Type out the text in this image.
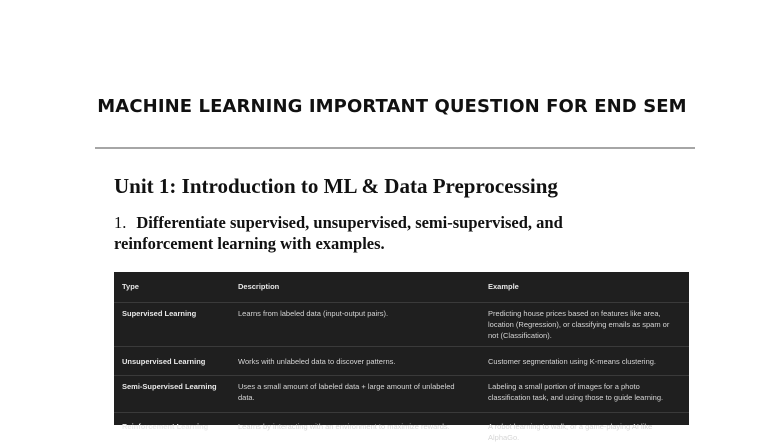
MACHINE LEARNING IMPORTANT QUESTION FOR END SEM
Unit 1: Introduction to ML & Data Preprocessing
1. Differentiate supervised, unsupervised, semi-supervised, and reinforcement learning with examples.
Type	Description	Example
Supervised Learning	Learns from labeled data (input-output pairs).	Predicting house prices based on features like area, location (Regression), or classifying emails as spam or not (Classification).
Unsupervised Learning	Works with unlabeled data to discover patterns.	Customer segmentation using K-means clustering.
Semi-Supervised Learning	Uses a small amount of labeled data + large amount of unlabeled data.	Labeling a small portion of images for a photo classification task, and using those to guide learning.
Reinforcement Learning	Learns by interacting with an environment to maximize rewards.	A robot learning to walk, or a game-playing AI like AlphaGo.
